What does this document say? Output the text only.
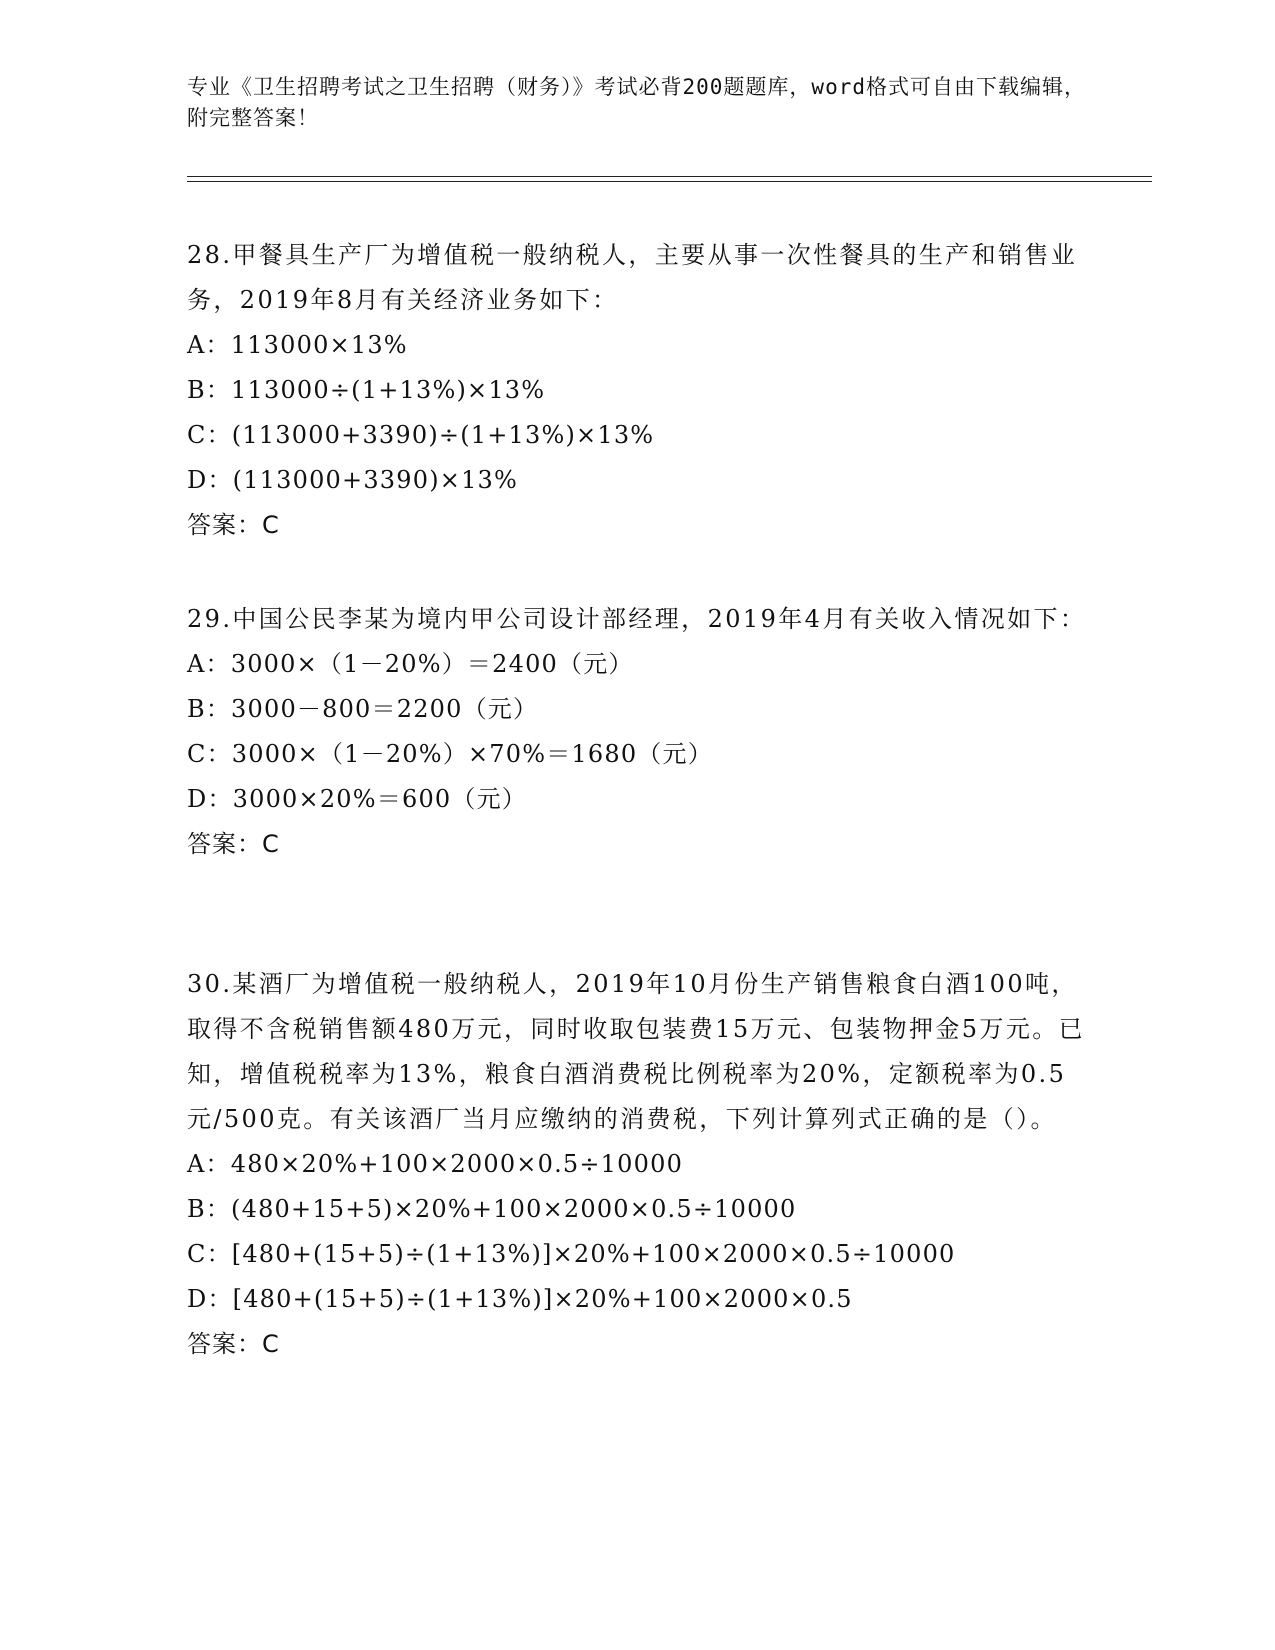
专业《卫生招聘考试之卫生招聘（财务）》考试必背200题题库，word格式可自由下载编辑，附完整答案！

28.甲餐具生产厂为增值税一般纳税人，主要从事一次性餐具的生产和销售业务，2019年8月有关经济业务如下：

A：113000×13%

B：113000÷(1+13%)×13%

C：(113000+3390)÷(1+13%)×13%

D：(113000+3390)×13%

答案：C

29.中国公民李某为境内甲公司设计部经理，2019年4月有关收入情况如下：

A：3000×（1－20%）＝2400（元）

B：3000－800＝2200（元）

C：3000×（1－20%）×70%＝1680（元）

D：3000×20%＝600（元）

答案：C

30.某酒厂为增值税一般纳税人，2019年10月份生产销售粮食白酒100吨，取得不含税销售额480万元，同时收取包装费15万元、包装物押金5万元。已知，增值税税率为13%，粮食白酒消费税比例税率为20%，定额税率为0.5元/500克。有关该酒厂当月应缴纳的消费税，下列计算列式正确的是（）。

A：480×20%+100×2000×0.5÷10000

B：(480+15+5)×20%+100×2000×0.5÷10000

C：[480+(15+5)÷(1+13%)]×20%+100×2000×0.5÷10000

D：[480+(15+5)÷(1+13%)]×20%+100×2000×0.5

答案：C
